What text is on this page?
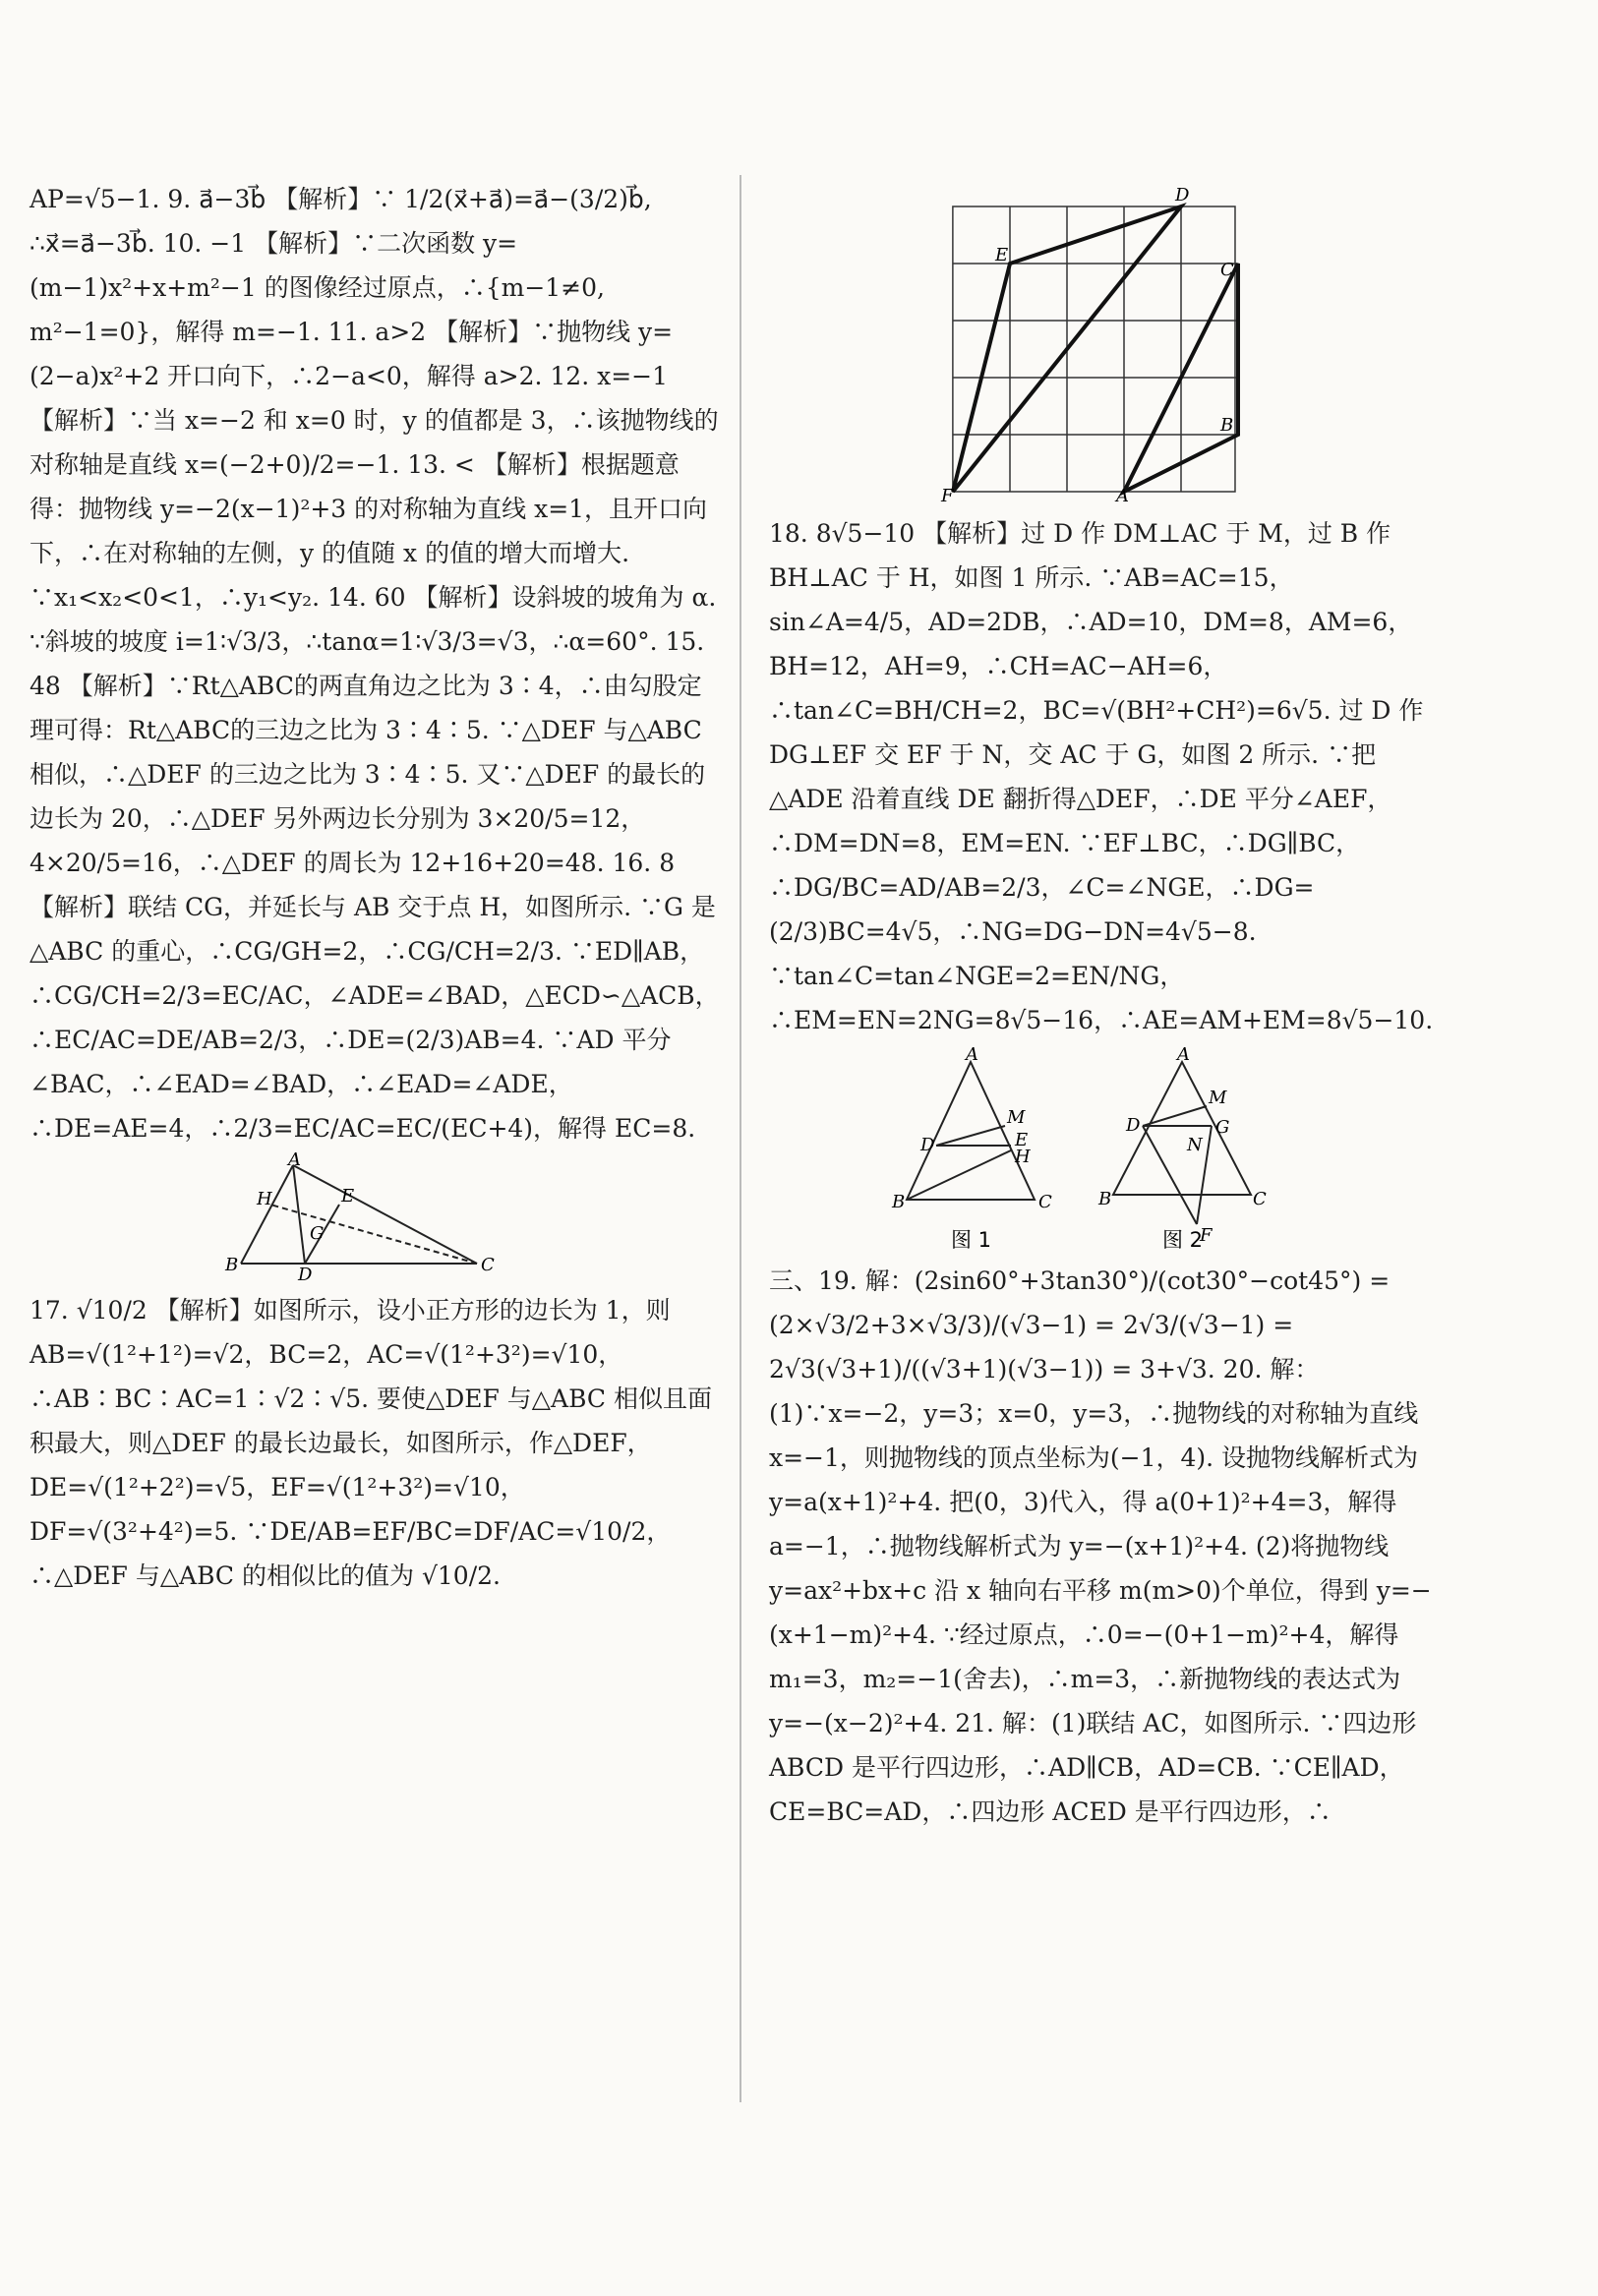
AP=√5−1. 9. a⃗−3b⃗ 【解析】∵ 1/2(x⃗+a⃗)=a⃗−(3/2)b⃗, ∴x⃗=a⃗−3b⃗. 10. −1 【解析】∵二次函数 y=(m−1)x²+x+m²−1 的图像经过原点，∴{m−1≠0, m²−1=0}，解得 m=−1. 11. a>2 【解析】∵抛物线 y=(2−a)x²+2 开口向下，∴2−a<0，解得 a>2. 12. x=−1 【解析】∵当 x=−2 和 x=0 时，y 的值都是 3，∴该抛物线的对称轴是直线 x=(−2+0)/2=−1. 13. < 【解析】根据题意得：抛物线 y=−2(x−1)²+3 的对称轴为直线 x=1，且开口向下，∴在对称轴的左侧，y 的值随 x 的值的增大而增大. ∵x₁<x₂<0<1，∴y₁<y₂. 14. 60 【解析】设斜坡的坡角为 α. ∵斜坡的坡度 i=1∶√3/3，∴tanα=1∶√3/3=√3，∴α=60°. 15. 48 【解析】∵Rt△ABC的两直角边之比为 3∶4，∴由勾股定理可得：Rt△ABC的三边之比为 3∶4∶5. ∵△DEF 与△ABC 相似，∴△DEF 的三边之比为 3∶4∶5. 又∵△DEF 的最长的边长为 20，∴△DEF 另外两边长分别为 3×20/5=12，4×20/5=16，∴△DEF 的周长为 12+16+20=48. 16. 8 【解析】联结 CG，并延长与 AB 交于点 H，如图所示. ∵G 是△ABC 的重心，∴CG/GH=2，∴CG/CH=2/3. ∵ED∥AB，∴CG/CH=2/3=EC/AC，∠ADE=∠BAD，△ECD∽△ACB，∴EC/AC=DE/AB=2/3，∴DE=(2/3)AB=4. ∵AD 平分∠BAC，∴∠EAD=∠BAD，∴∠EAD=∠ADE，∴DE=AE=4，∴2/3=EC/AC=EC/(EC+4)，解得 EC=8.

A
B	C
D
E
G
H

17. √10/2 【解析】如图所示，设小正方形的边长为 1，则 AB=√(1²+1²)=√2，BC=2，AC=√(1²+3²)=√10，∴AB∶BC∶AC=1∶√2∶√5. 要使△DEF 与△ABC 相似且面积最大，则△DEF 的最长边最长，如图所示，作△DEF，DE=√(1²+2²)=√5，EF=√(1²+3²)=√10，DF=√(3²+4²)=5. ∵DE/AB=EF/BC=DF/AC=√10/2，∴△DEF 与△ABC 的相似比的值为 √10/2.

D
E
C
B
F	A

18. 8√5−10 【解析】过 D 作 DM⊥AC 于 M，过 B 作 BH⊥AC 于 H，如图 1 所示. ∵AB=AC=15，sin∠A=4/5，AD=2DB，∴AD=10，DM=8，AM=6，BH=12，AH=9，∴CH=AC−AH=6，∴tan∠C=BH/CH=2，BC=√(BH²+CH²)=6√5. 过 D 作 DG⊥EF 交 EF 于 N，交 AC 于 G，如图 2 所示. ∵把△ADE 沿着直线 DE 翻折得△DEF，∴DE 平分∠AEF，∴DM=DN=8，EM=EN. ∵EF⊥BC，∴DG∥BC，∴DG/BC=AD/AB=2/3，∠C=∠NGE，∴DG=(2/3)BC=4√5，∴NG=DG−DN=4√5−8. ∵tan∠C=tan∠NGE=2=EN/NG，∴EM=EN=2NG=8√5−16，∴AE=AM+EM=8√5−10.

图 1	图 2
A
B	C
D
M
E
H
A
B	C
D
M
G
N
F

三、19. 解：(2sin60°+3tan30°)/(cot30°−cot45°) = (2×√3/2+3×√3/3)/(√3−1) = 2√3/(√3−1) = 2√3(√3+1)/((√3+1)(√3−1)) = 3+√3. 20. 解：(1)∵x=−2，y=3；x=0，y=3，∴抛物线的对称轴为直线 x=−1，则抛物线的顶点坐标为(−1，4). 设抛物线解析式为 y=a(x+1)²+4. 把(0，3)代入，得 a(0+1)²+4=3，解得 a=−1，∴抛物线解析式为 y=−(x+1)²+4. (2)将抛物线 y=ax²+bx+c 沿 x 轴向右平移 m(m>0)个单位，得到 y=−(x+1−m)²+4. ∵经过原点，∴0=−(0+1−m)²+4，解得 m₁=3，m₂=−1(舍去)，∴m=3，∴新抛物线的表达式为 y=−(x−2)²+4. 21. 解：(1)联结 AC，如图所示. ∵四边形 ABCD 是平行四边形，∴AD∥CB，AD=CB. ∵CE∥AD，CE=BC=AD，∴四边形 ACED 是平行四边形，∴
